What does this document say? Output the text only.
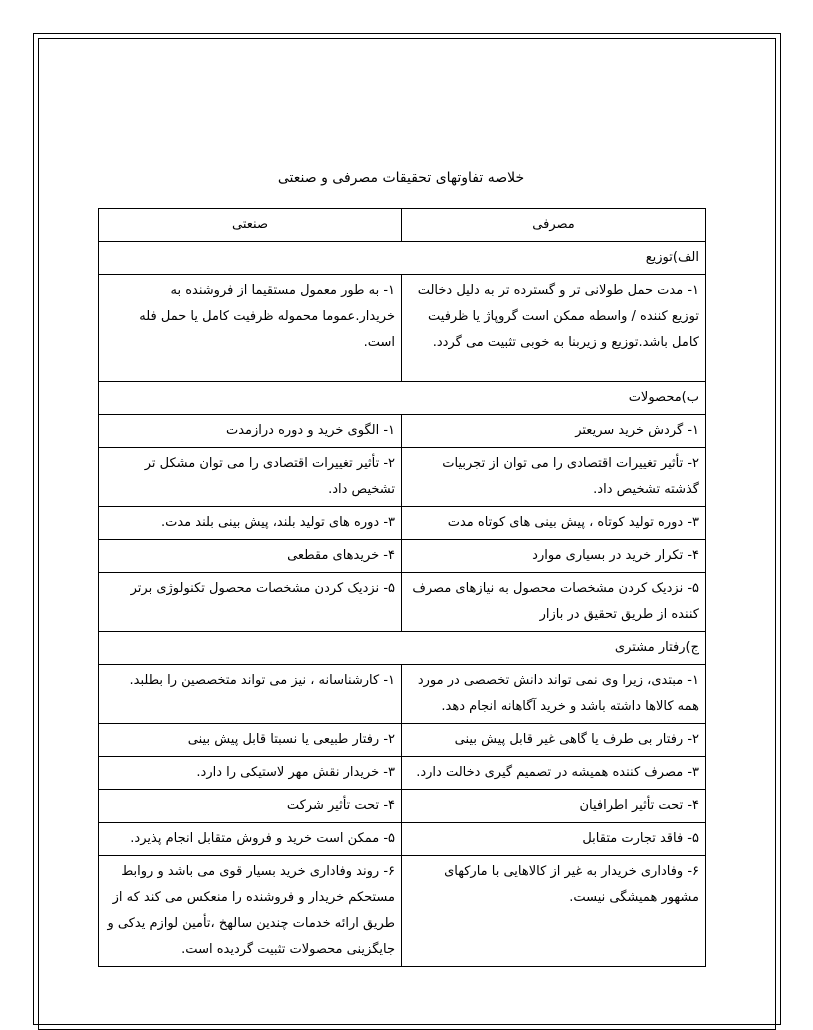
خلاصه تفاوتهای تحقیقات مصرفی و صنعتی
مصرفی	صنعتی
الف)توزیع	
۱- مدت حمل طولانی تر و گسترده تر به دلیل دخالت توزیع کننده / واسطه ممکن است گروپاژ یا ظرفیت کامل باشد.توزیع و زیربنا به خوبی تثبیت می گردد.	۱- به طور معمول مستقیما از فروشنده به خریدار.عموما محموله ظرفیت کامل یا حمل فله است.
ب)محصولات	
۱- گردش خرید سریعتر	۱- الگوی خرید و دوره درازمدت
۲- تأثیر تغییرات اقتصادی را می توان از تجربیات گذشته تشخیص داد.	۲- تأثیر تغییرات اقتصادی را می توان مشکل تر تشخیص داد.
۳- دوره تولید کوتاه ، پیش بینی های کوتاه مدت	۳- دوره های تولید بلند، پیش بینی بلند مدت.
۴- تکرار خرید در بسیاری موارد	۴- خریدهای مقطعی
۵- نزدیک کردن مشخصات محصول به نیازهای مصرف کننده از طریق تحقیق در بازار	۵- نزدیک کردن مشخصات محصول تکنولوژی برتر
ج)رفتار مشتری	
۱- مبتدی، زیرا وی نمی تواند دانش تخصصی در مورد همه کالاها داشته باشد و خرید آگاهانه انجام دهد.	۱- کارشناسانه ، نیز می تواند متخصصین را بطلبد.
۲- رفتار بی طرف یا گاهی غیر قابل پیش بینی	۲- رفتار طبیعی یا نسبتا قابل پیش بینی
۳- مصرف کننده همیشه در تصمیم گیری دخالت دارد.	۳- خریدار نقش مهر لاستیکی را دارد.
۴- تحت تأثیر اطرافیان	۴- تحت تأثیر شرکت
۵- فاقد تجارت متقابل	۵- ممکن است خرید و فروش متقابل انجام پذیرد.
۶- وفاداری خریدار به غیر از کالاهایی با مارکهای مشهور همیشگی نیست.	۶- روند وفاداری خرید بسیار قوی می باشد و روابط مستحکم خریدار و فروشنده را منعکس می کند که از طریق ارائه خدمات چندین سالهخ ،تأمین لوازم یدکی و جایگزینی محصولات تثبیت گردیده است.
